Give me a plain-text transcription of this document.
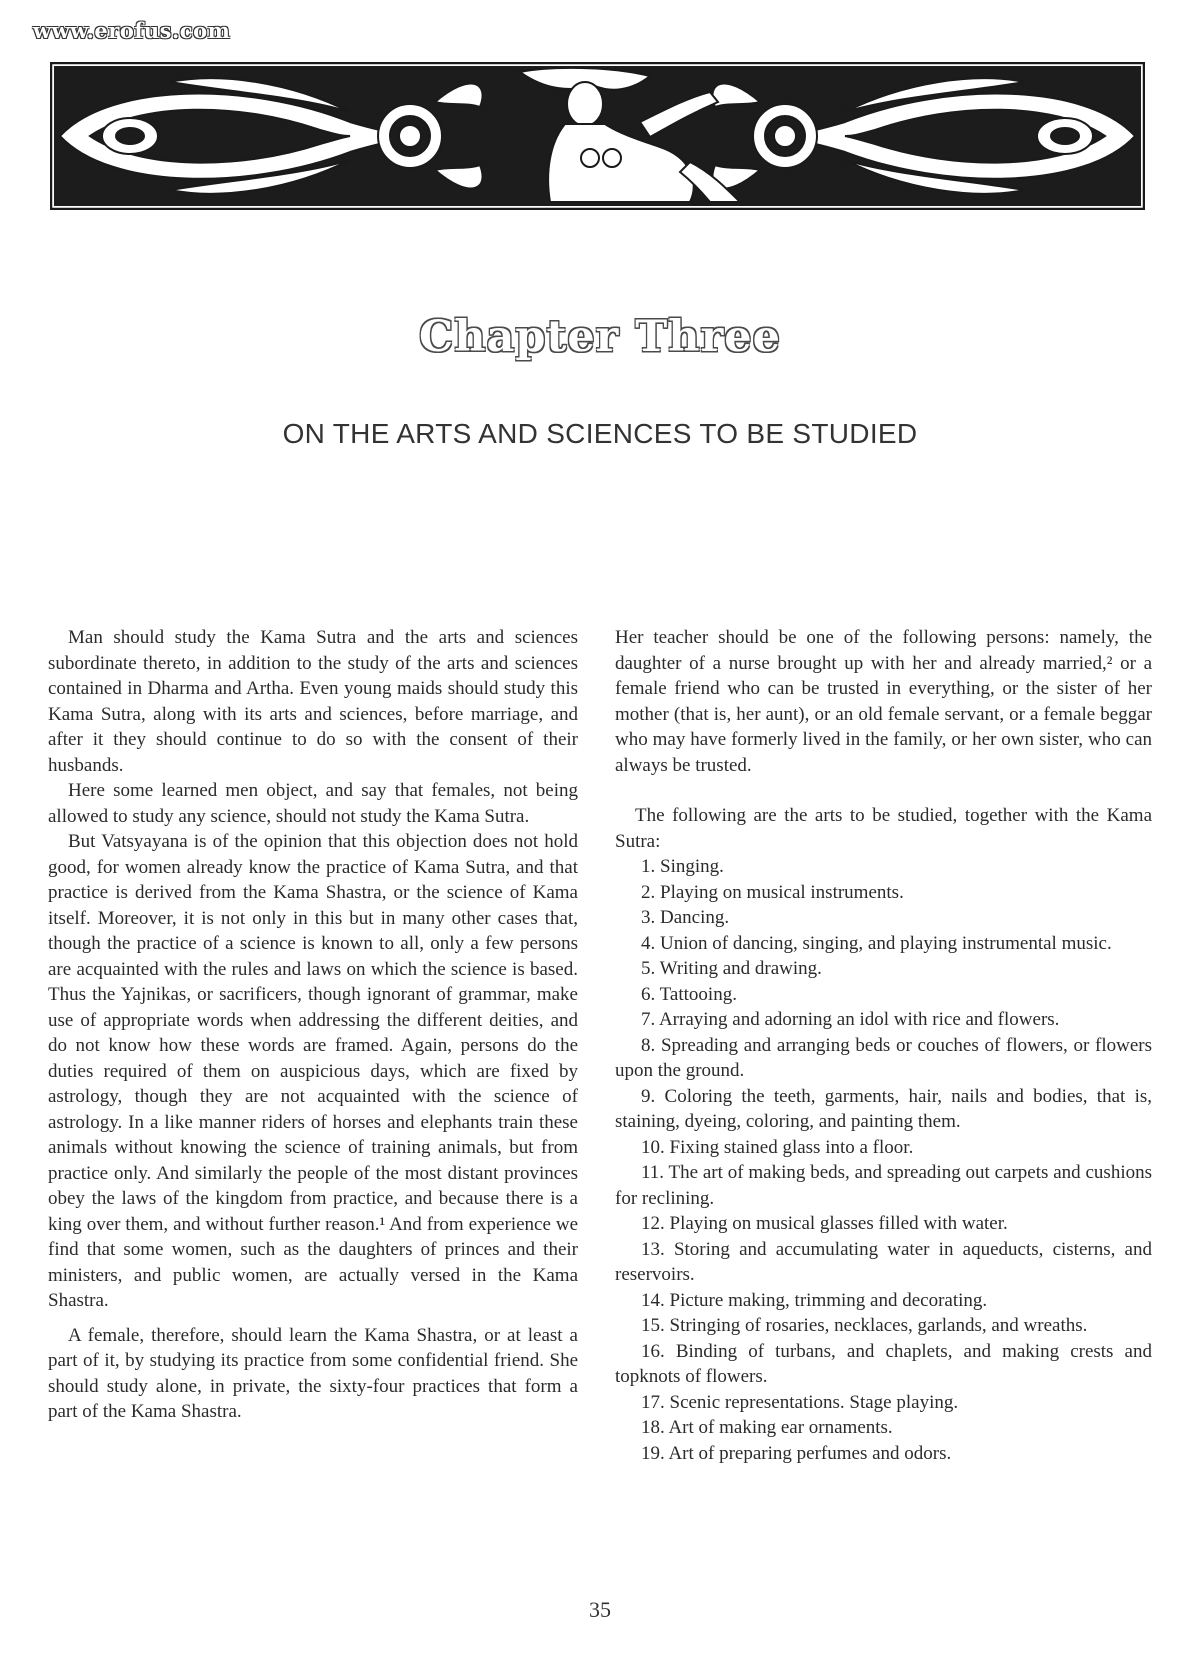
www.erofus.com
Chapter Three
ON THE ARTS AND SCIENCES TO BE STUDIED

Man should study the Kama Sutra and the arts and sciences subordinate thereto, in addition to the study of the arts and sciences contained in Dharma and Artha. Even young maids should study this Kama Sutra, along with its arts and sciences, before marriage, and after it they should continue to do so with the consent of their husbands.

Here some learned men object, and say that females, not being allowed to study any science, should not study the Kama Sutra.

But Vatsyayana is of the opinion that this objection does not hold good, for women already know the practice of Kama Sutra, and that practice is derived from the Kama Shastra, or the science of Kama itself. Moreover, it is not only in this but in many other cases that, though the practice of a science is known to all, only a few persons are acquainted with the rules and laws on which the science is based. Thus the Yajnikas, or sacrificers, though ignorant of grammar, make use of appropriate words when addressing the different deities, and do not know how these words are framed. Again, persons do the duties required of them on auspicious days, which are fixed by astrology, though they are not acquainted with the science of astrology. In a like manner riders of horses and elephants train these animals without knowing the science of training animals, but from practice only. And similarly the people of the most distant provinces obey the laws of the kingdom from practice, and because there is a king over them, and without further reason.¹ And from experience we find that some women, such as the daughters of princes and their ministers, and public women, are actually versed in the Kama Shastra.

A female, therefore, should learn the Kama Shastra, or at least a part of it, by studying its practice from some confidential friend. She should study alone, in private, the sixty-four practices that form a part of the Kama Shastra.

Her teacher should be one of the following persons: namely, the daughter of a nurse brought up with her and already married,² or a female friend who can be trusted in everything, or the sister of her mother (that is, her aunt), or an old female servant, or a female beggar who may have formerly lived in the family, or her own sister, who can always be trusted.

The following are the arts to be studied, together with the Kama Sutra:

1. Singing.
2. Playing on musical instruments.
3. Dancing.
4. Union of dancing, singing, and playing instrumental music.
5. Writing and drawing.
6. Tattooing.
7. Arraying and adorning an idol with rice and flowers.
8. Spreading and arranging beds or couches of flowers, or flowers upon the ground.
9. Coloring the teeth, garments, hair, nails and bodies, that is, staining, dyeing, coloring, and painting them.
10. Fixing stained glass into a floor.
11. The art of making beds, and spreading out carpets and cushions for reclining.
12. Playing on musical glasses filled with water.
13. Storing and accumulating water in aqueducts, cisterns, and reservoirs.
14. Picture making, trimming and decorating.
15. Stringing of rosaries, necklaces, garlands, and wreaths.
16. Binding of turbans, and chaplets, and making crests and topknots of flowers.
17. Scenic representations. Stage playing.
18. Art of making ear ornaments.
19. Art of preparing perfumes and odors.
35
